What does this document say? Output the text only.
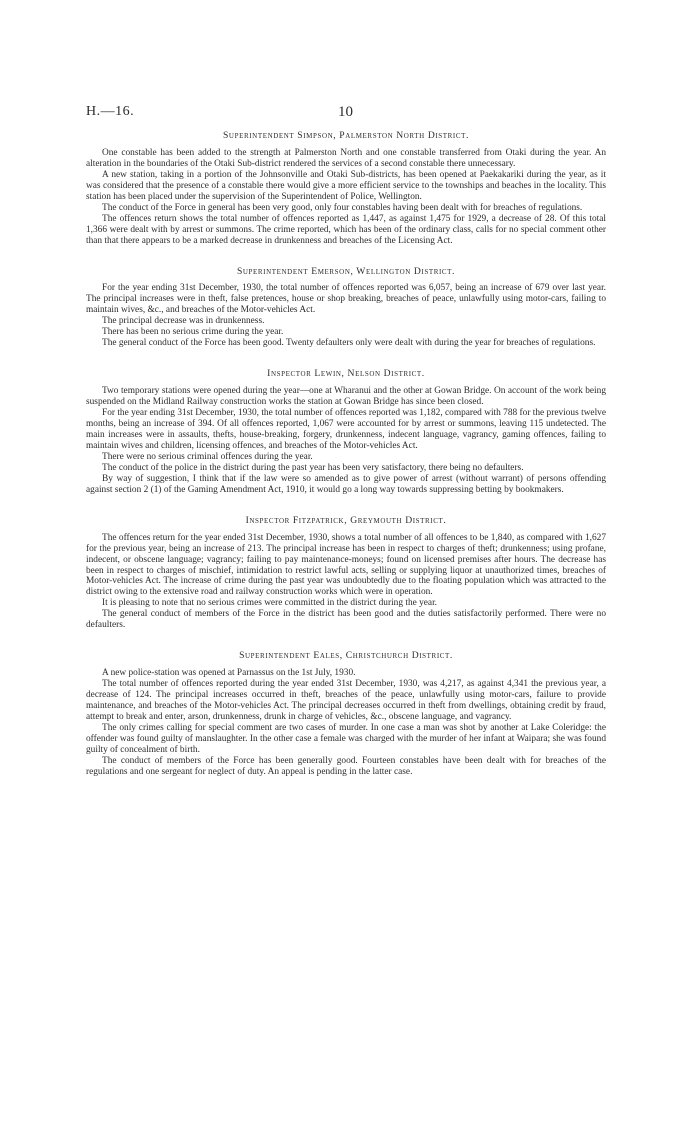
H.—16.	10
Superintendent Simpson, Palmerston North District.

One constable has been added to the strength at Palmerston North and one constable transferred from Otaki during the year. An alteration in the boundaries of the Otaki Sub-district rendered the services of a second constable there unnecessary.

A new station, taking in a portion of the Johnsonville and Otaki Sub-districts, has been opened at Paekakariki during the year, as it was considered that the presence of a constable there would give a more efficient service to the townships and beaches in the locality. This station has been placed under the supervision of the Superintendent of Police, Wellington.

The conduct of the Force in general has been very good, only four constables having been dealt with for breaches of regulations.

The offences return shows the total number of offences reported as 1,447, as against 1,475 for 1929, a decrease of 28. Of this total 1,366 were dealt with by arrest or summons. The crime reported, which has been of the ordinary class, calls for no special comment other than that there appears to be a marked decrease in drunkenness and breaches of the Licensing Act.

Superintendent Emerson, Wellington District.

For the year ending 31st December, 1930, the total number of offences reported was 6,057, being an increase of 679 over last year. The principal increases were in theft, false pretences, house or shop breaking, breaches of peace, unlawfully using motor-cars, failing to maintain wives, &c., and breaches of the Motor-vehicles Act.

The principal decrease was in drunkenness.

There has been no serious crime during the year.

The general conduct of the Force has been good. Twenty defaulters only were dealt with during the year for breaches of regulations.

Inspector Lewin, Nelson District.

Two temporary stations were opened during the year—one at Wharanui and the other at Gowan Bridge. On account of the work being suspended on the Midland Railway construction works the station at Gowan Bridge has since been closed.

For the year ending 31st December, 1930, the total number of offences reported was 1,182, compared with 788 for the previous twelve months, being an increase of 394. Of all offences reported, 1,067 were accounted for by arrest or summons, leaving 115 undetected. The main increases were in assaults, thefts, house-breaking, forgery, drunkenness, indecent language, vagrancy, gaming offences, failing to maintain wives and children, licensing offences, and breaches of the Motor-vehicles Act.

There were no serious criminal offences during the year.

The conduct of the police in the district during the past year has been very satisfactory, there being no defaulters.

By way of suggestion, I think that if the law were so amended as to give power of arrest (without warrant) of persons offending against section 2 (1) of the Gaming Amendment Act, 1910, it would go a long way towards suppressing betting by bookmakers.

Inspector Fitzpatrick, Greymouth District.

The offences return for the year ended 31st December, 1930, shows a total number of all offences to be 1,840, as compared with 1,627 for the previous year, being an increase of 213. The principal increase has been in respect to charges of theft; drunkenness; using profane, indecent, or obscene language; vagrancy; failing to pay maintenance-moneys; found on licensed premises after hours. The decrease has been in respect to charges of mischief, intimidation to restrict lawful acts, selling or supplying liquor at unauthorized times, breaches of Motor-vehicles Act. The increase of crime during the past year was undoubtedly due to the floating population which was attracted to the district owing to the extensive road and railway construction works which were in operation.

It is pleasing to note that no serious crimes were committed in the district during the year.

The general conduct of members of the Force in the district has been good and the duties satisfactorily performed. There were no defaulters.

Superintendent Eales, Christchurch District.

A new police-station was opened at Parnassus on the 1st July, 1930.

The total number of offences reported during the year ended 31st December, 1930, was 4,217, as against 4,341 the previous year, a decrease of 124. The principal increases occurred in theft, breaches of the peace, unlawfully using motor-cars, failure to provide maintenance, and breaches of the Motor-vehicles Act. The principal decreases occurred in theft from dwellings, obtaining credit by fraud, attempt to break and enter, arson, drunkenness, drunk in charge of vehicles, &c., obscene language, and vagrancy.

The only crimes calling for special comment are two cases of murder. In one case a man was shot by another at Lake Coleridge: the offender was found guilty of manslaughter. In the other case a female was charged with the murder of her infant at Waipara; she was found guilty of concealment of birth.

The conduct of members of the Force has been generally good. Fourteen constables have been dealt with for breaches of the regulations and one sergeant for neglect of duty. An appeal is pending in the latter case.
